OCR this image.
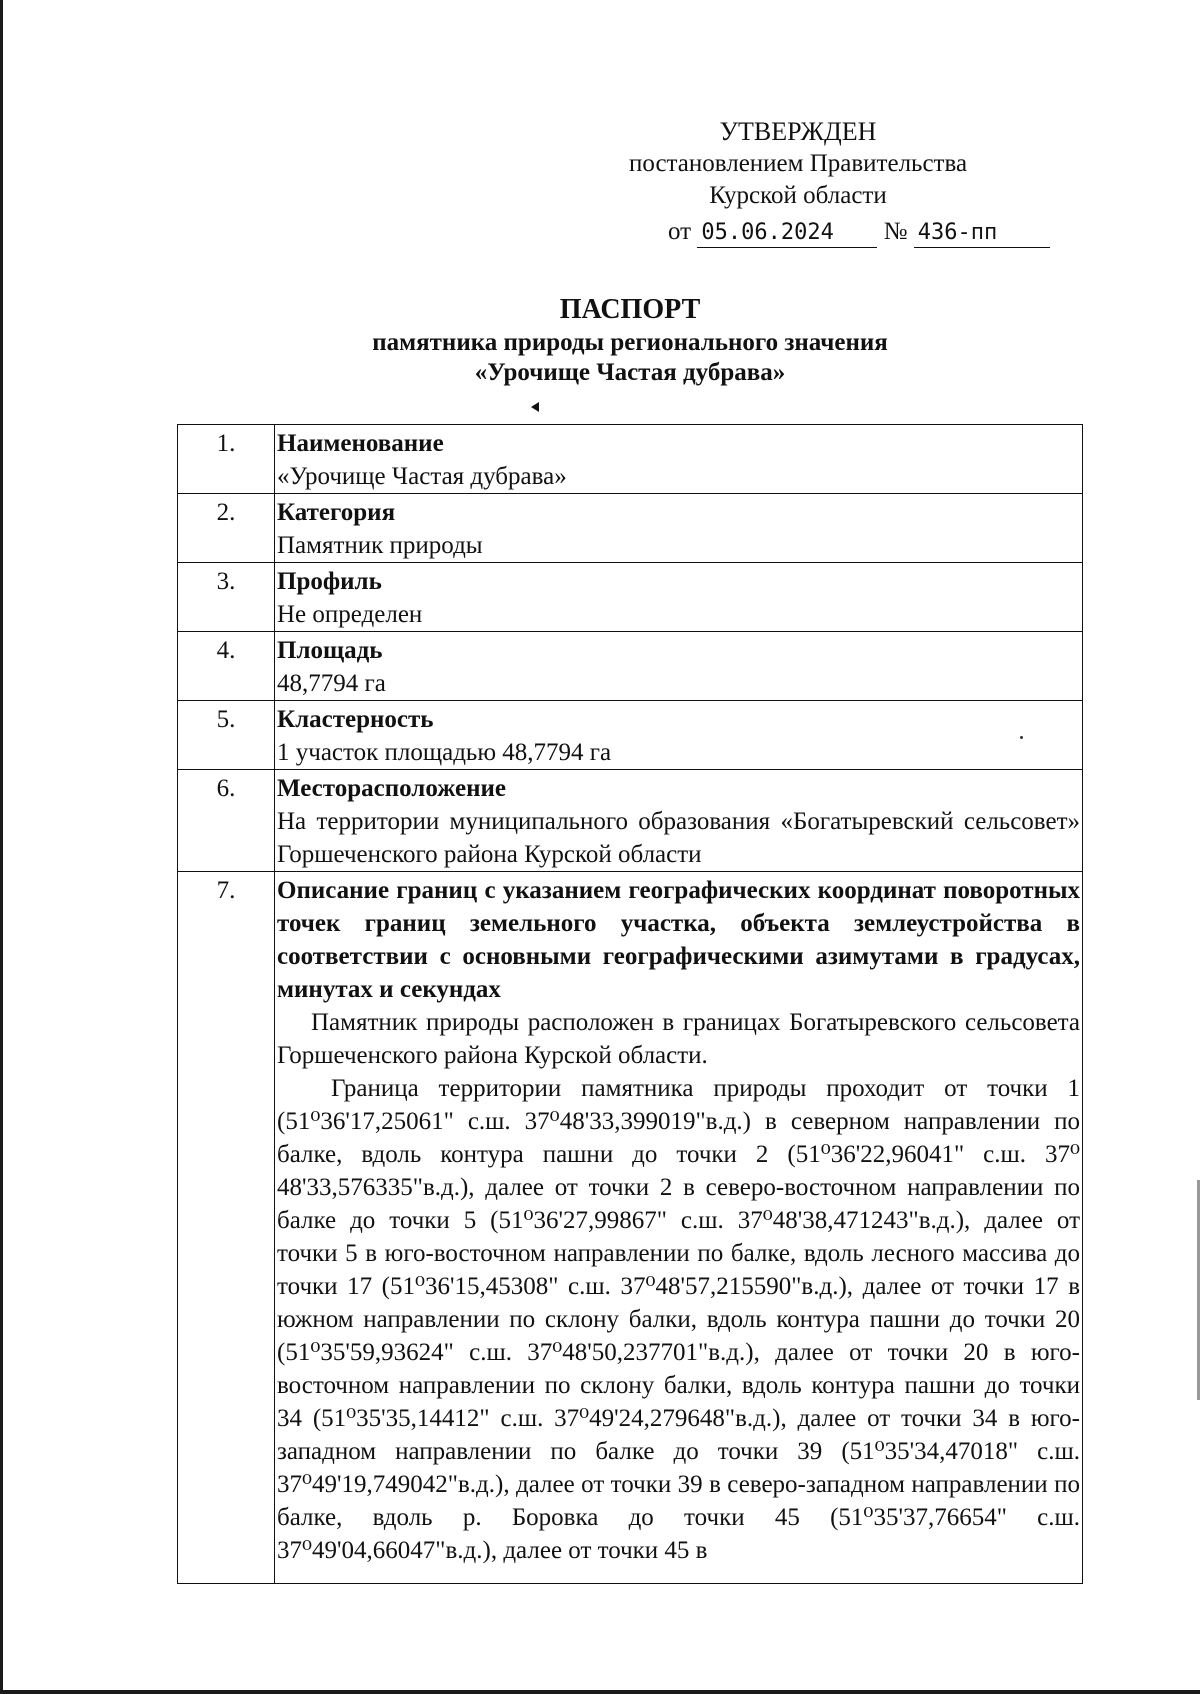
УТВЕРЖДЕН
постановлением Правительства
Курской области
от 05.06.2024 № 436-пп
ПАСПОРТ
памятника природы регионального значения
«Урочище Частая дубрава»
1.	Наименование
«Урочище Частая дубрава»

2.	Категория
Памятник природы

3.	Профиль
Не определен

4.	Площадь
48,7794 га

5.	Кластерность
1 участок площадью 48,7794 га

6.	Месторасположение
На территории муниципального образования «Богатыревский сельсовет» Горшеченского района Курской области

7.	Описание границ с указанием географических координат поворотных точек границ земельного участка, объекта землеустройства в соответствии с основными географическими азимутами в градусах, минутах и секундах
Памятник природы расположен в границах Богатыревского сельсовета Горшеченского района Курской области.
Граница территории памятника природы проходит от точки 1 (51⁰36'17,25061" с.ш. 37⁰48'33,399019"в.д.) в северном направлении по балке, вдоль контура пашни до точки 2 (51⁰36'22,96041" с.ш. 37⁰ 48'33,576335"в.д.), далее от точки 2 в северо-восточном направлении по балке до точки 5 (51⁰36'27,99867" с.ш. 37⁰48'38,471243"в.д.), далее от точки 5 в юго-восточном направлении по балке, вдоль лесного массива до точки 17 (51⁰36'15,45308" с.ш. 37⁰48'57,215590"в.д.), далее от точки 17 в южном направлении по склону балки, вдоль контура пашни до точки 20 (51⁰35'59,93624" с.ш. 37⁰48'50,237701"в.д.), далее от точки 20 в юго-восточном направлении по склону балки, вдоль контура пашни до точки 34 (51⁰35'35,14412" с.ш. 37⁰49'24,279648"в.д.), далее от точки 34 в юго-западном направлении по балке до точки 39 (51⁰35'34,47018" с.ш. 37⁰49'19,749042"в.д.), далее от точки 39 в северо-западном направлении по балке, вдоль р. Боровка до точки 45 (51⁰35'37,76654" с.ш. 37⁰49'04,66047"в.д.), далее от точки 45 в
